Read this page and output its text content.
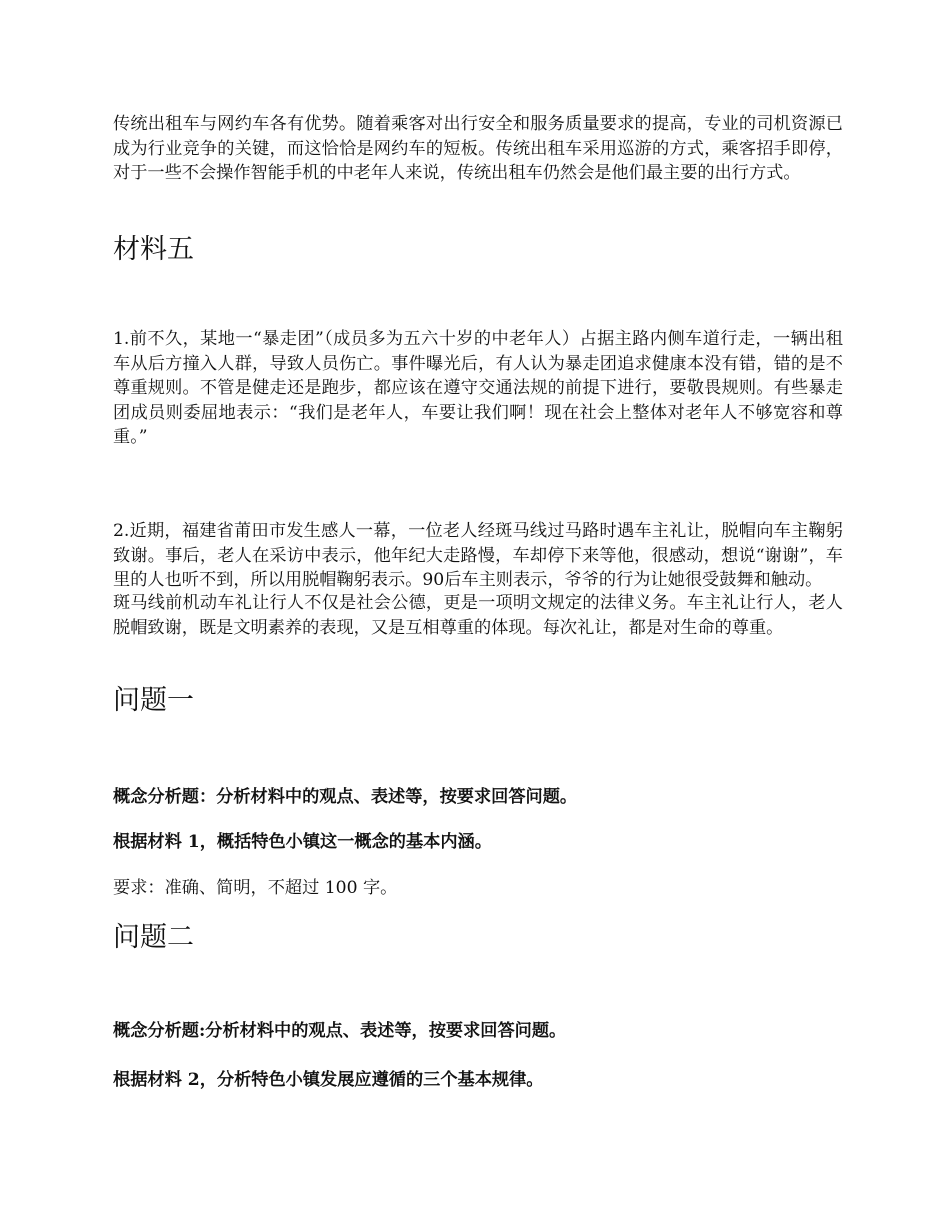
传统出租车与网约车各有优势。随着乘客对出行安全和服务质量要求的提高，专业的司机资源已成为行业竞争的关键，而这恰恰是网约车的短板。传统出租车采用巡游的方式，乘客招手即停，对于一些不会操作智能手机的中老年人来说，传统出租车仍然会是他们最主要的出行方式。

材料五

1.前不久，某地一“暴走团”（成员多为五六十岁的中老年人）占据主路内侧车道行走，一辆出租车从后方撞入人群，导致人员伤亡。事件曝光后，有人认为暴走团追求健康本没有错，错的是不尊重规则。不管是健走还是跑步，都应该在遵守交通法规的前提下进行，要敬畏规则。有些暴走团成员则委屈地表示：“我们是老年人，车要让我们啊！现在社会上整体对老年人不够宽容和尊重。”

2.近期，福建省莆田市发生感人一幕，一位老人经斑马线过马路时遇车主礼让，脱帽向车主鞠躬致谢。事后，老人在采访中表示，他年纪大走路慢，车却停下来等他，很感动，想说“谢谢”，车里的人也听不到，所以用脱帽鞠躬表示。90后车主则表示，爷爷的行为让她很受鼓舞和触动。

斑马线前机动车礼让行人不仅是社会公德，更是一项明文规定的法律义务。车主礼让行人，老人脱帽致谢，既是文明素养的表现，又是互相尊重的体现。每次礼让，都是对生命的尊重。

问题一

概念分析题：分析材料中的观点、表述等，按要求回答问题。

根据材料 1，概括特色小镇这一概念的基本内涵。

要求：准确、简明，不超过 100 字。

问题二

概念分析题:分析材料中的观点、表述等，按要求回答问题。

根据材料 2，分析特色小镇发展应遵循的三个基本规律。
